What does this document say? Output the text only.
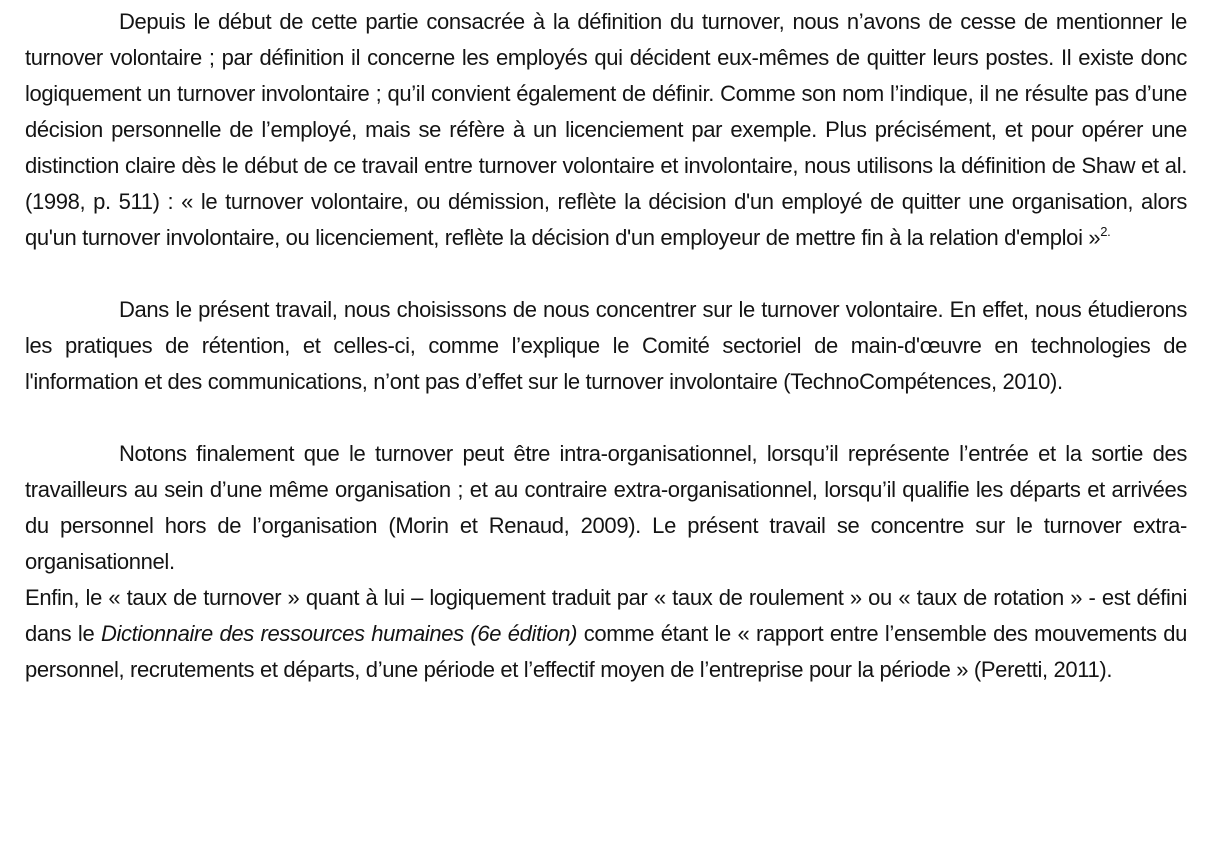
Depuis le début de cette partie consacrée à la définition du turnover, nous n’avons de cesse de mentionner le turnover volontaire ; par définition il concerne les employés qui décident eux-mêmes de quitter leurs postes. Il existe donc logiquement un turnover involontaire ; qu’il convient également de définir. Comme son nom l’indique, il ne résulte pas d’une décision personnelle de l’employé, mais se réfère à un licenciement par exemple. Plus précisément, et pour opérer une distinction claire dès le début de ce travail entre turnover volontaire et involontaire, nous utilisons la définition de Shaw et al. (1998, p. 511) : « le turnover volontaire, ou démission, reflète la décision d'un employé de quitter une organisation, alors qu'un turnover involontaire, ou licenciement, reflète la décision d'un employeur de mettre fin à la relation d'emploi »$^{2.}$

Dans le présent travail, nous choisissons de nous concentrer sur le turnover volontaire. En effet, nous étudierons les pratiques de rétention, et celles-ci, comme l’explique le Comité sectoriel de main-d'œuvre en technologies de l'information et des communications, n’ont pas d’effet sur le turnover involontaire (TechnoCompétences, 2010).

Notons finalement que le turnover peut être intra-organisationnel, lorsqu’il représente l’entrée et la sortie des travailleurs au sein d’une même organisation ; et au contraire extra-organisationnel, lorsqu’il qualifie les départs et arrivées du personnel hors de l’organisation (Morin et Renaud, 2009). Le présent travail se concentre sur le turnover extra-organisationnel.

Enfin, le « taux de turnover » quant à lui – logiquement traduit par « taux de roulement » ou « taux de rotation » - est défini dans le Dictionnaire des ressources humaines (6e édition) comme étant le « rapport entre l’ensemble des mouvements du personnel, recrutements et départs, d’une période et l’effectif moyen de l’entreprise pour la période » (Peretti, 2011).
